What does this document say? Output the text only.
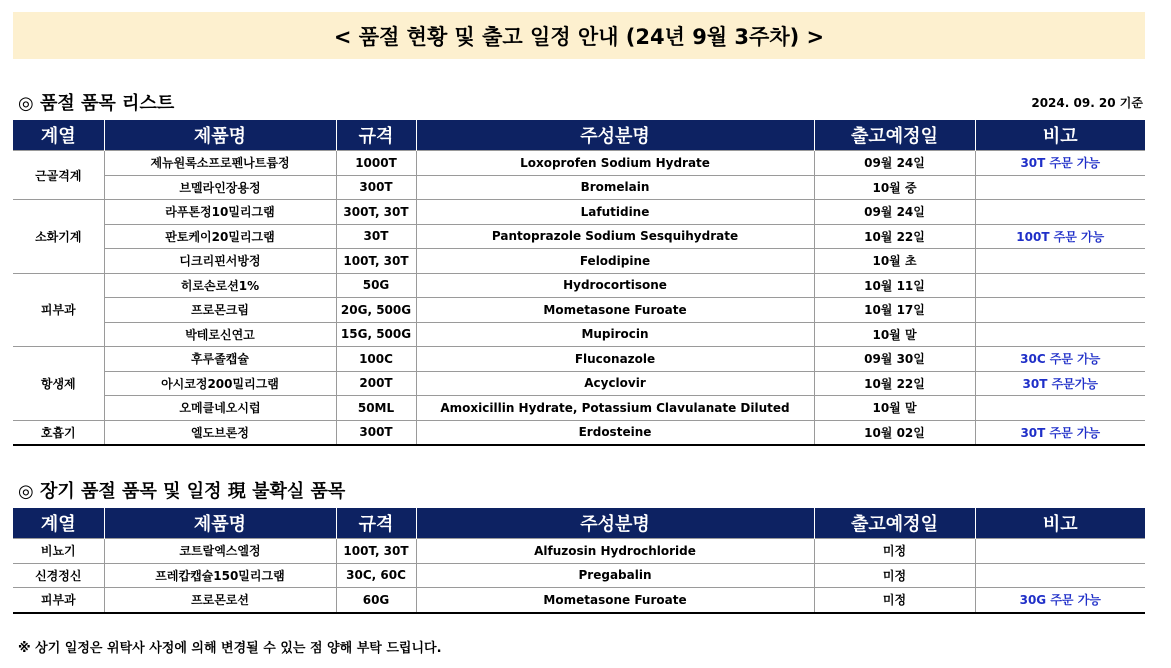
< 품절 현황 및 출고 일정 안내 (24년 9월 3주차) >
◎ 품절 품목 리스트	2024. 09. 20 기준
계열	제품명	규격	주성분명	출고예정일	비고
근골격계	제뉴원록소프로펜나트륨정	1000T	Loxoprofen Sodium Hydrate	09월 24일	30T 주문 가능
	브멜라인장용정	300T	Bromelain	10월 중	
소화기계	라푸톤정10밀리그램	300T, 30T	Lafutidine	09월 24일	
	판토케이20밀리그램	30T	Pantoprazole Sodium Sesquihydrate	10월 22일	100T 주문 가능
	디크리핀서방정	100T, 30T	Felodipine	10월 초	
피부과	히로손로션1%	50G	Hydrocortisone	10월 11일	
	프로몬크림	20G, 500G	Mometasone Furoate	10월 17일	
	박테로신연고	15G, 500G	Mupirocin	10월 말	
항생제	후루졸캡슐	100C	Fluconazole	09월 30일	30C 주문 가능
	아시코정200밀리그램	200T	Acyclovir	10월 22일	30T 주문가능
	오메클네오시럽	50ML	Amoxicillin Hydrate, Potassium Clavulanate Diluted	10월 말	
호흡기	엘도브론정	300T	Erdosteine	10월 02일	30T 주문 가능
◎ 장기 품절 품목 및 일정 現 불확실 품목
계열	제품명	규격	주성분명	출고예정일	비고
비뇨기	코트랄엑스엘정	100T, 30T	Alfuzosin Hydrochloride	미정	
신경정신	프레캅캡슐150밀리그램	30C, 60C	Pregabalin	미정	
피부과	프로몬로션	60G	Mometasone Furoate	미정	30G 주문 가능
※ 상기 일정은 위탁사 사정에 의해 변경될 수 있는 점 양해 부탁 드립니다.
